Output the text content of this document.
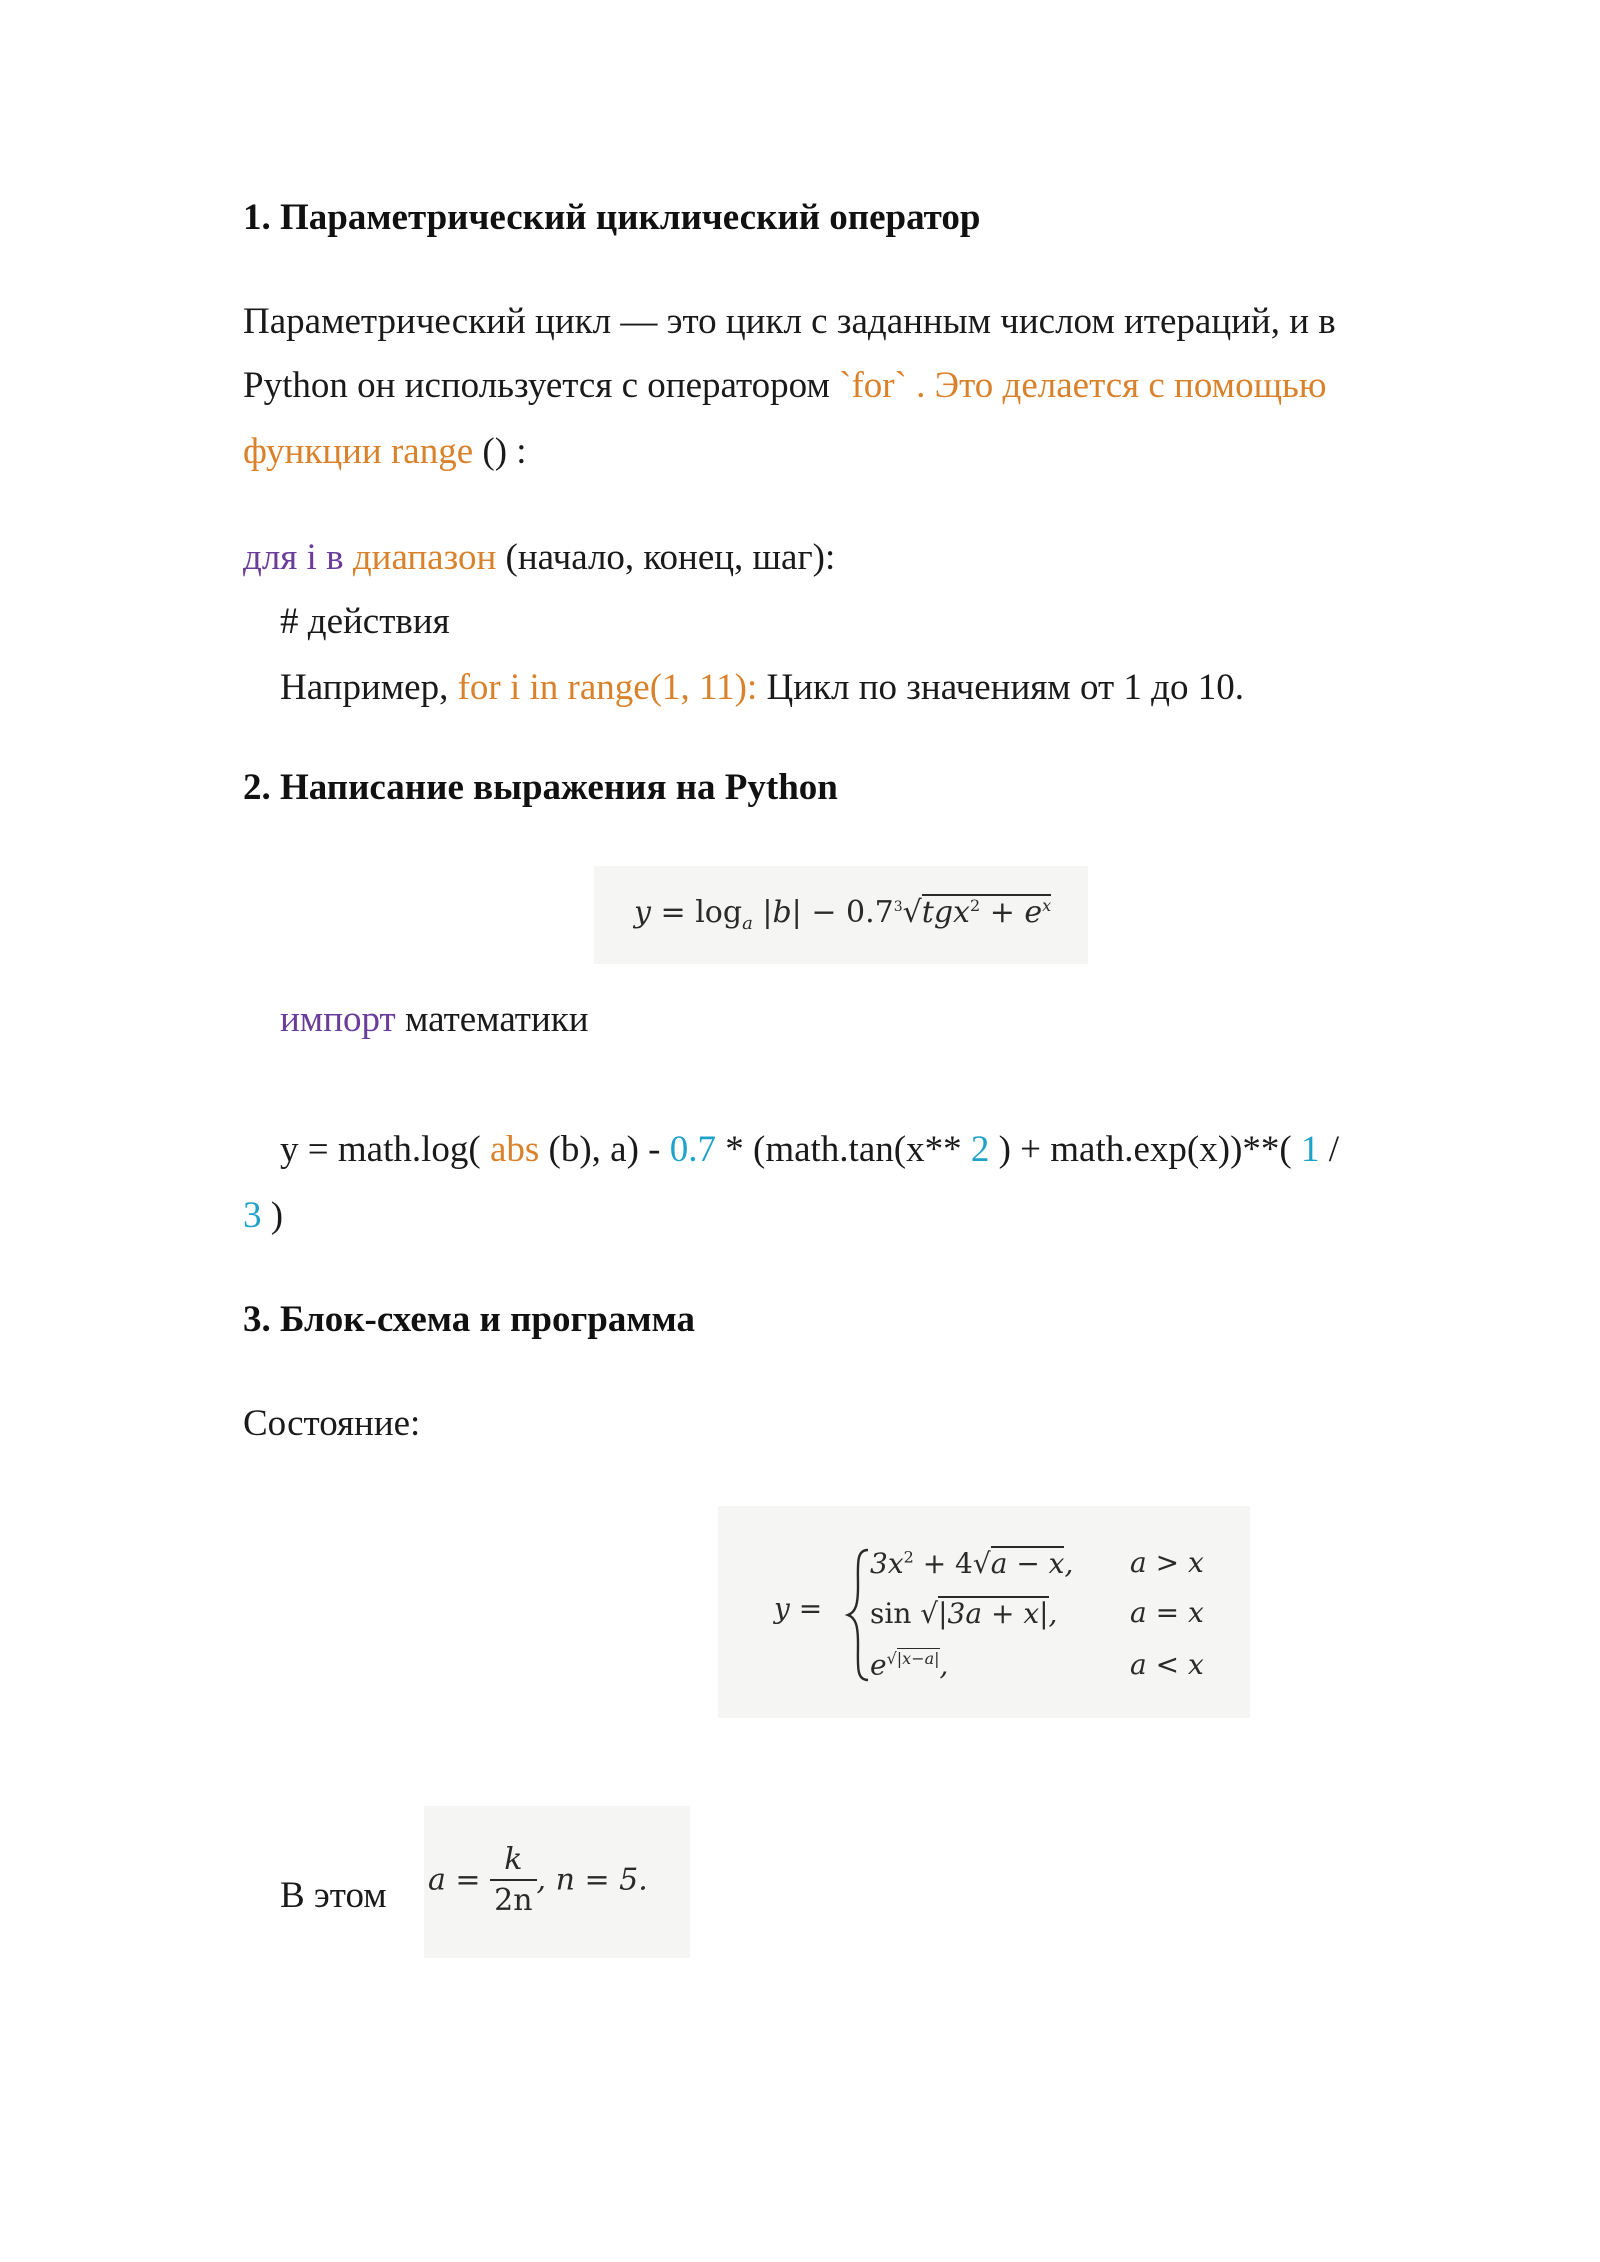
1. Параметрический циклический оператор
Параметрический цикл — это цикл с заданным числом итераций, и в
Python он используется с оператором `for` . Это делается с помощью
функции range () :
для i в диапазон (начало, конец, шаг):
# действия
Например, for i in range(1, 11): Цикл по значениям от 1 до 10.
2. Написание выражения на Python
$y = \log_a |b| - 0.7^3√tgx^2 + e^x$
импорт математики
y = math.log( abs (b), a) - 0.7 * (math.tan(x** 2 ) + math.exp(x))**( 1 /
3 )
3. Блок-схема и программа
Состояние:
y =
$3x^2 + 4√a - x$, a > x
sin √|3a + x|,	a = x
$e^{√|x-a|}$,	a < x
В этом $a = \frac{k}{2n}$ , n = 5.
